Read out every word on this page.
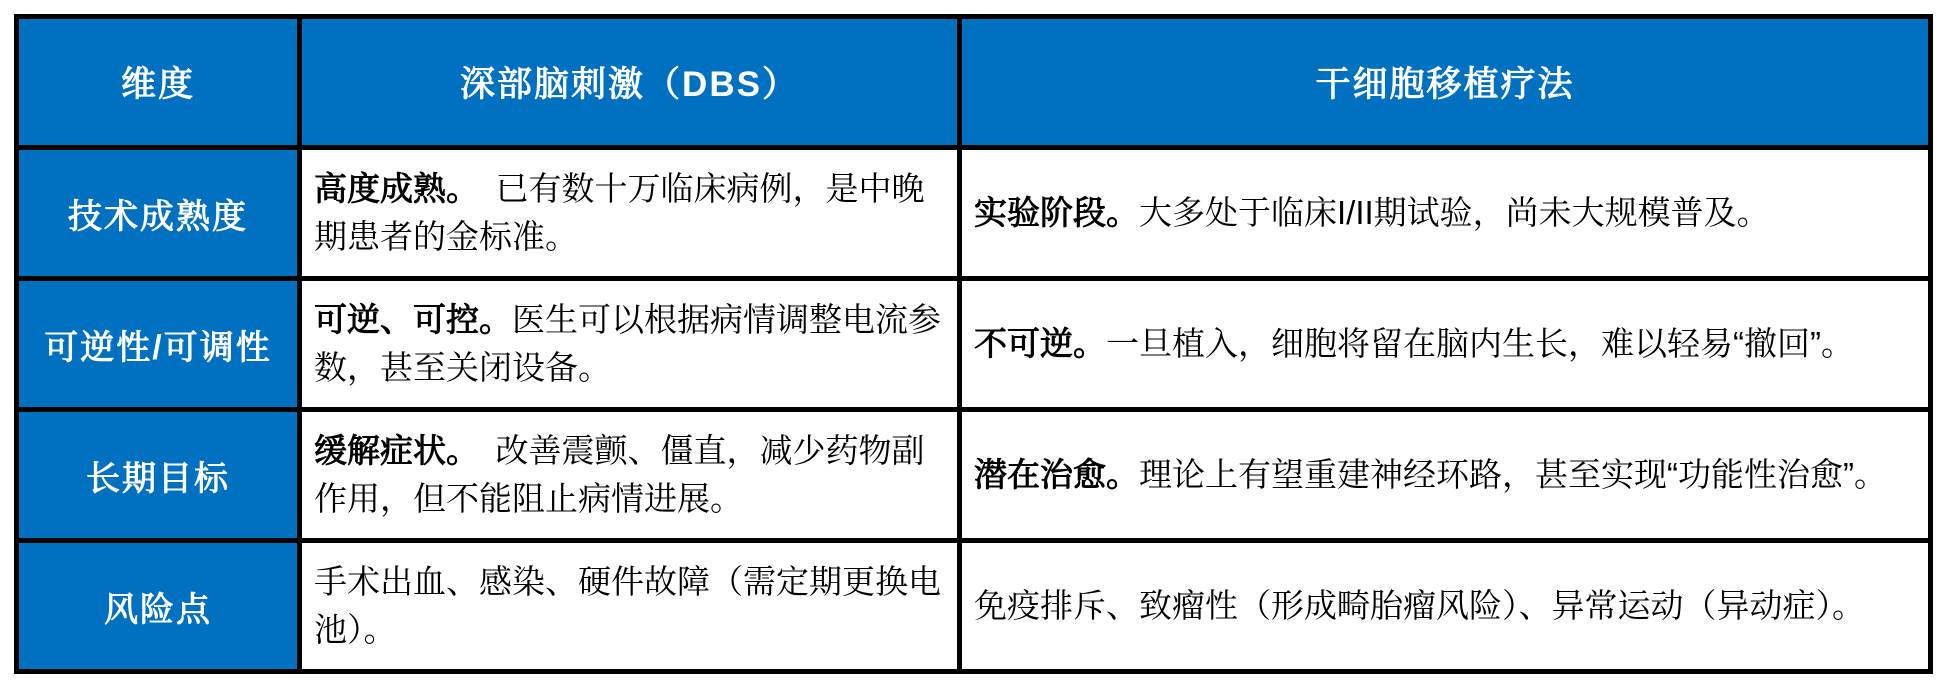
维度	深部脑刺激（DBS）	干细胞移植疗法
技术成熟度	高度成熟。　已有数十万临床病例，是中晚期患者的金标准。	实验阶段。大多处于临床I/II期试验，尚未大规模普及。
可逆性/可调性	可逆、可控。医生可以根据病情调整电流参数，甚至关闭设备。	不可逆。一旦植入，细胞将留在脑内生长，难以轻易“撤回”。
长期目标	缓解症状。　改善震颤、僵直，减少药物副作用，但不能阻止病情进展。	潜在治愈。理论上有望重建神经环路，甚至实现“功能性治愈”。
风险点	手术出血、感染、硬件故障（需定期更换电池）。	免疫排斥、致瘤性（形成畸胎瘤风险）、异常运动（异动症）。
